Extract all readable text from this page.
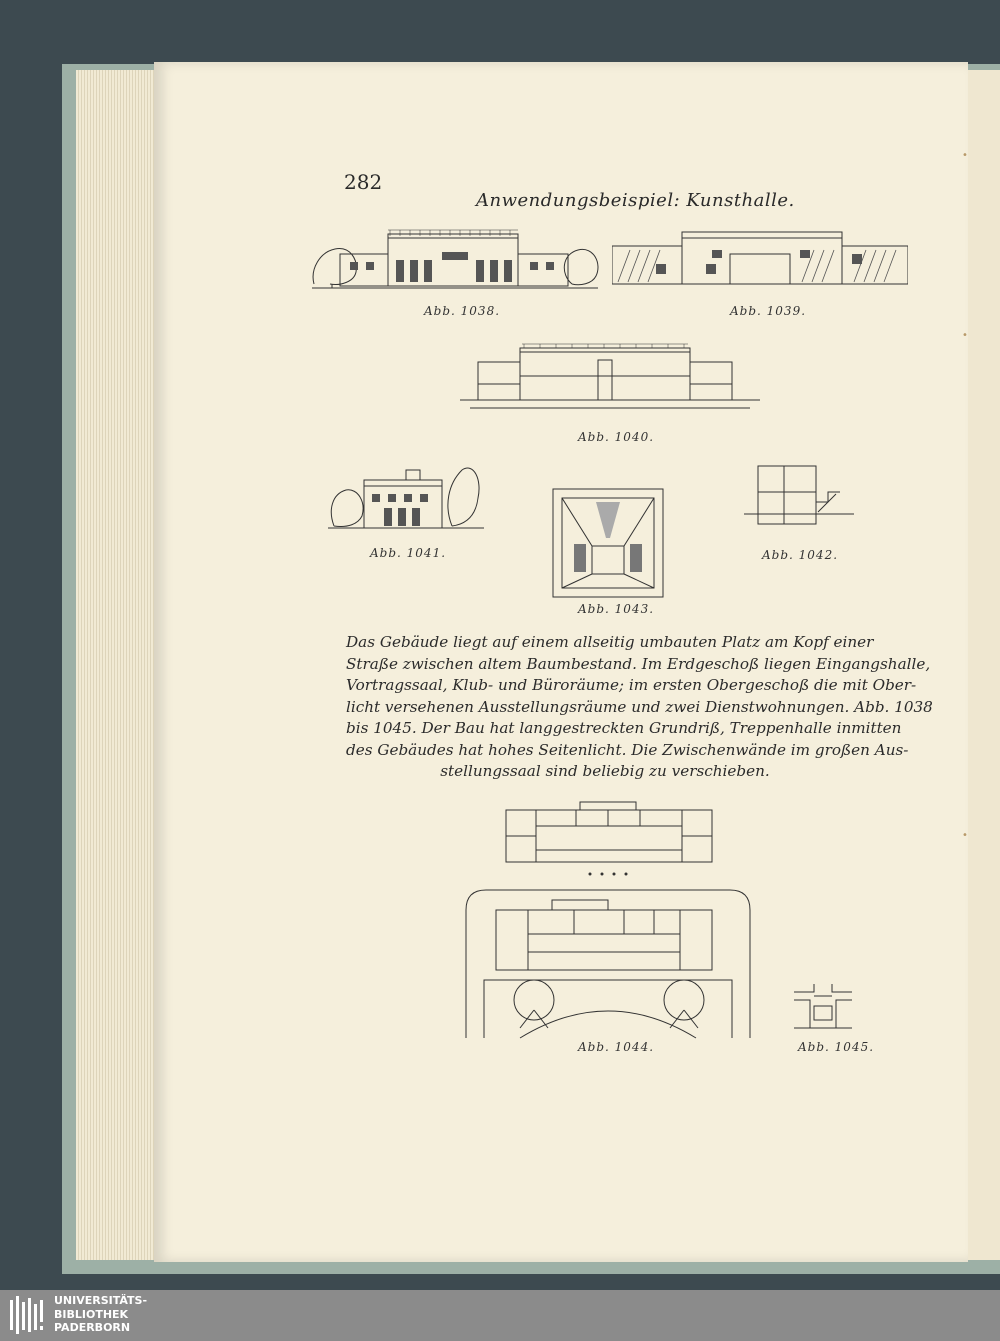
•
•
•
282
Anwendungsbeispiel: Kunsthalle.
Abb. 1038.	Abb. 1039.
Abb. 1040.
Abb. 1041.
Abb. 1043.
Abb. 1042.
Das Gebäude liegt auf einem allseitig umbauten Platz am Kopf einer
Straße zwischen altem Baumbestand. Im Erdgeschoß liegen Eingangshalle,
Vortragssaal, Klub- und Büroräume; im ersten Obergeschoß die mit Ober-
licht versehenen Ausstellungsräume und zwei Dienstwohnungen. Abb. 1038
bis 1045. Der Bau hat langgestreckten Grundriß, Treppenhalle inmitten
des Gebäudes hat hohes Seitenlicht. Die Zwischenwände im großen Aus-
stellungssaal sind beliebig zu verschieben.
Abb. 1044.	Abb. 1045.
UNIVERSITÄTS-
BIBLIOTHEK
PADERBORN
